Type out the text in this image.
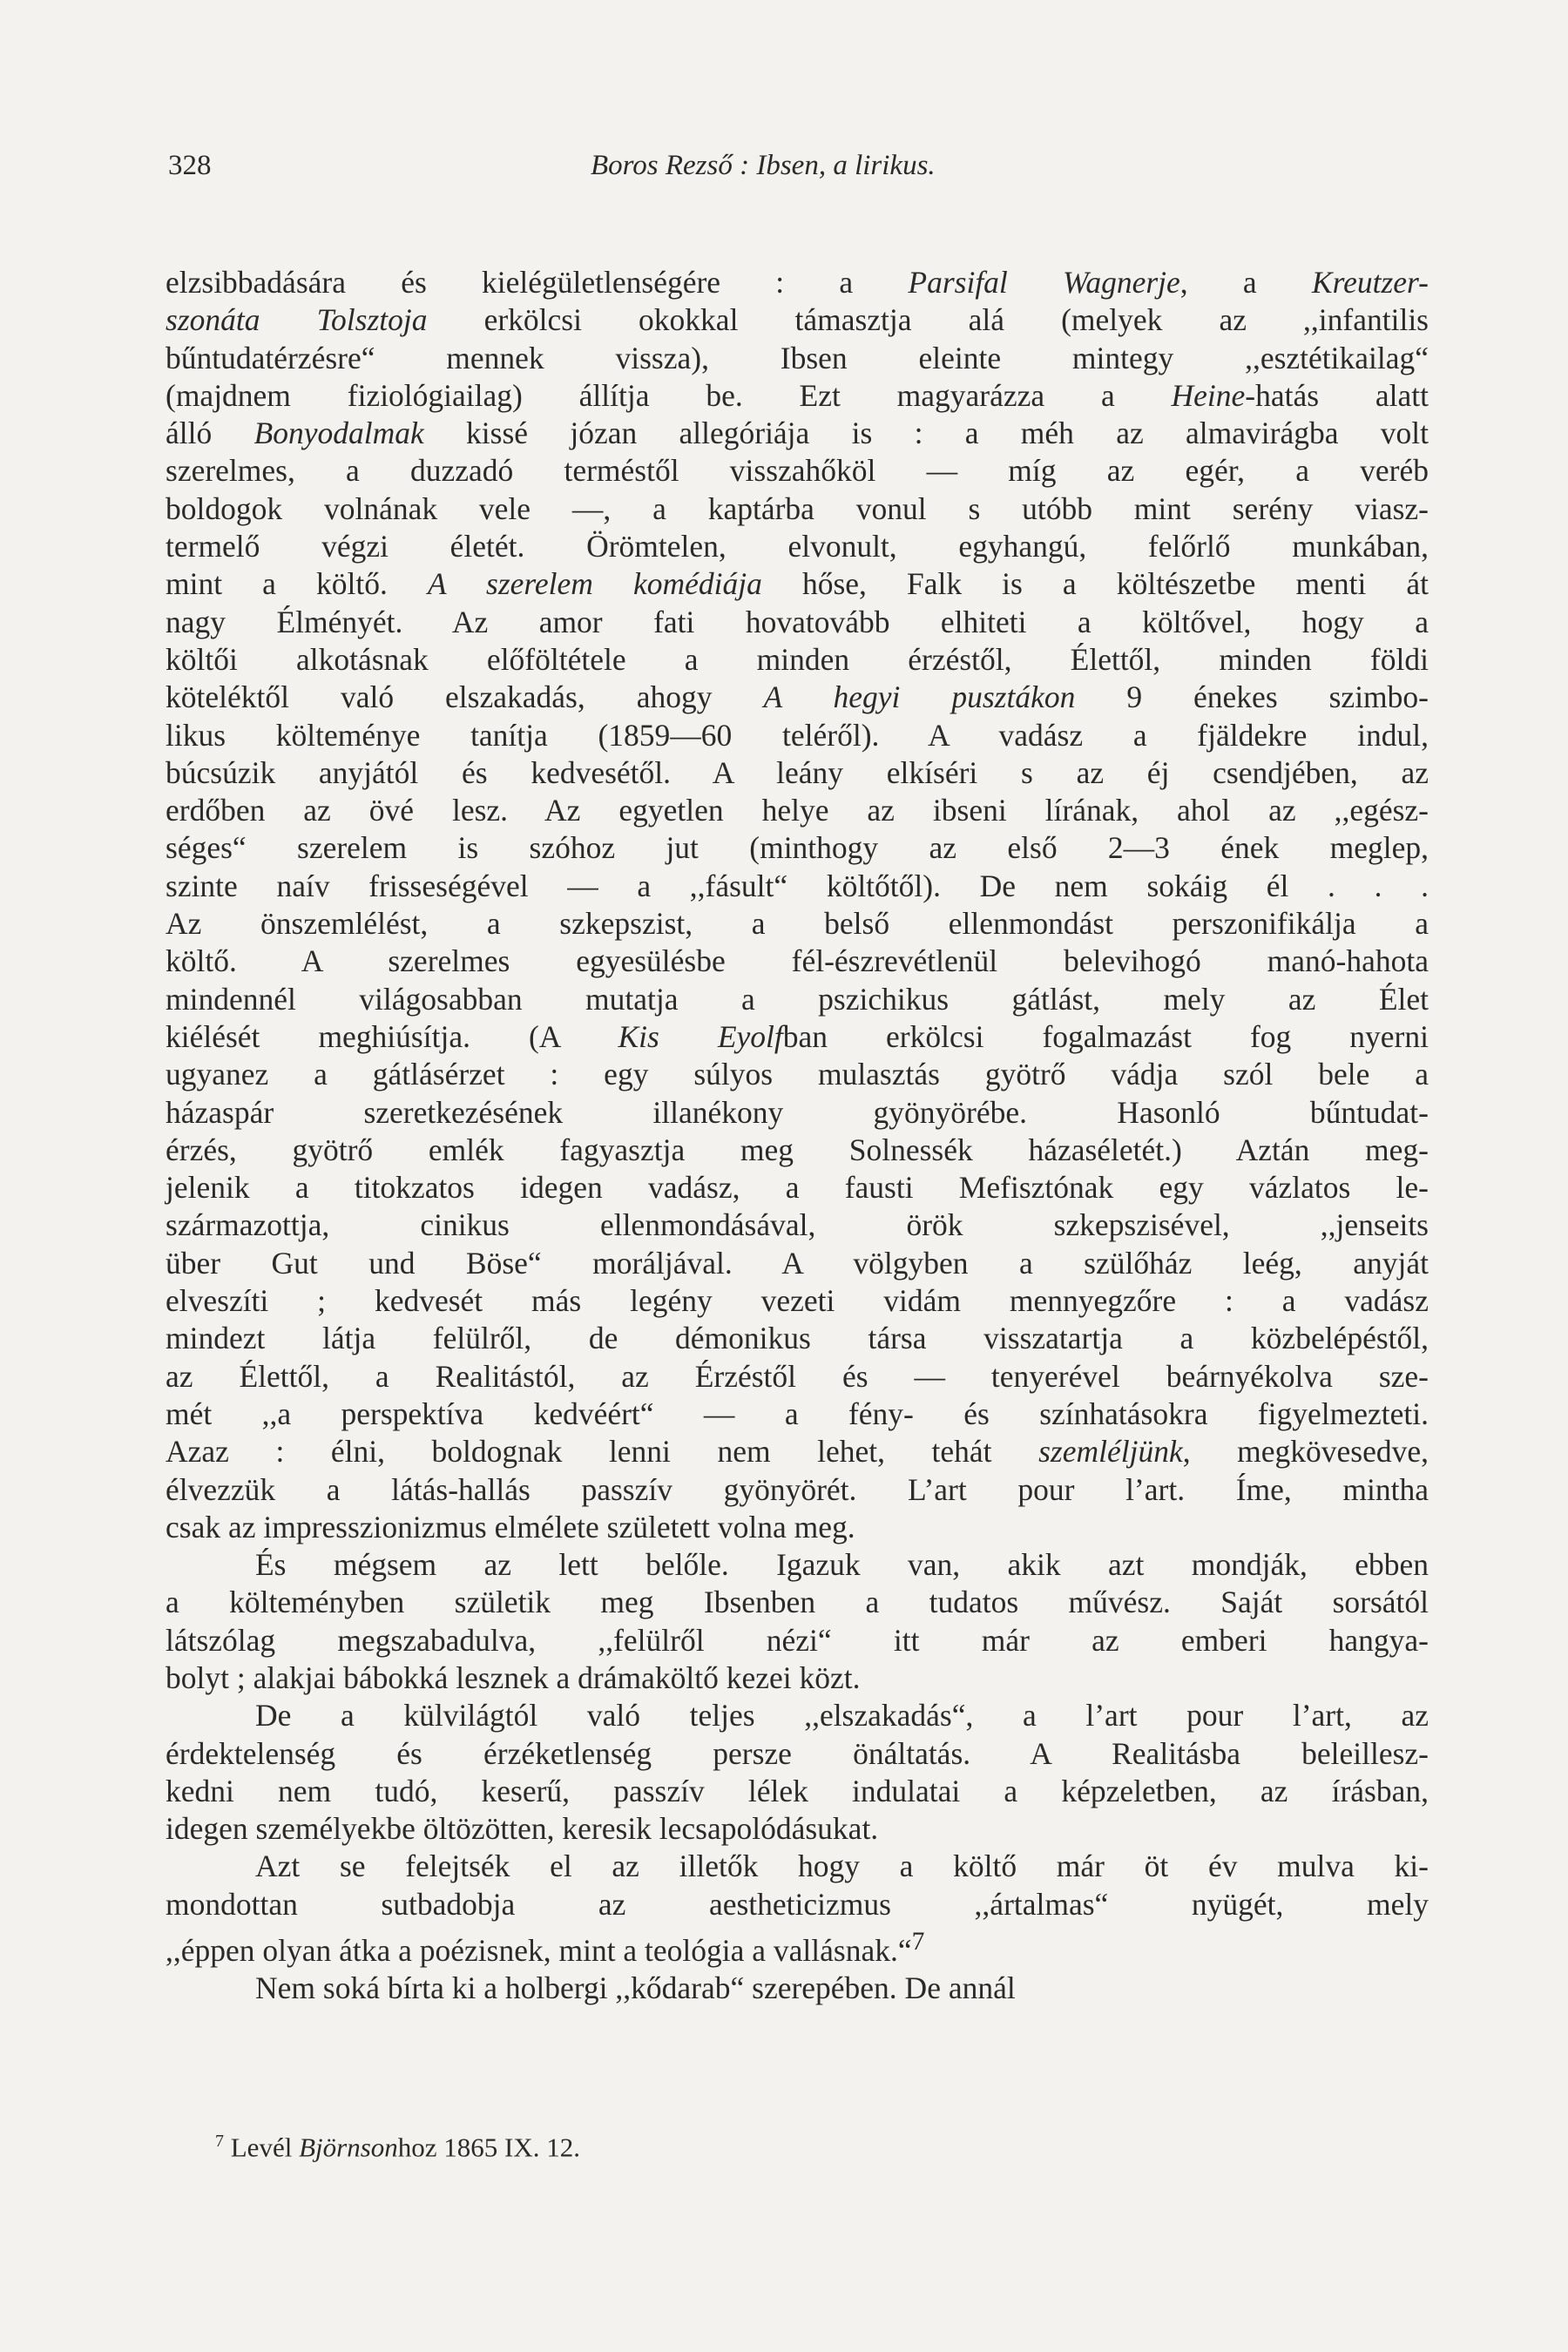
328	Boros Rezső : Ibsen, a lirikus.
elzsibbadására és kielégületlenségére : a Parsifal Wagnerje, a Kreutzer-
szonáta Tolsztoja erkölcsi okokkal támasztja alá (melyek az ,,infantilis
bűntudatérzésre“ mennek vissza), Ibsen eleinte mintegy ,,esztétikailag“
(majdnem fiziológiailag) állítja be. Ezt magyarázza a Heine-hatás alatt
álló Bonyodalmak kissé józan allegóriája is : a méh az almavirágba volt
szerelmes, a duzzadó terméstől visszahőköl — míg az egér, a veréb
boldogok volnának vele —, a kaptárba vonul s utóbb mint serény viasz-
termelő végzi életét. Örömtelen, elvonult, egyhangú, felőrlő munkában,
mint a költő. A szerelem komédiája hőse, Falk is a költészetbe menti át
nagy Élményét. Az amor fati hovatovább elhiteti a költővel, hogy a
költői alkotásnak előföltétele a minden érzéstől, Élettől, minden földi
köteléktől való elszakadás, ahogy A hegyi pusztákon 9 énekes szimbo-
likus költeménye tanítja (1859—60 teléről). A vadász a fjäldekre indul,
búcsúzik anyjától és kedvesétől. A leány elkíséri s az éj csendjében, az
erdőben az övé lesz. Az egyetlen helye az ibseni lírának, ahol az ,,egész-
séges“ szerelem is szóhoz jut (minthogy az első 2—3 ének meglep,
szinte naív frisseségével — a ,,fásult“ költőtől). De nem sokáig él . . .
Az önszemlélést, a szkepszist, a belső ellenmondást perszonifikálja a
költő. A szerelmes egyesülésbe fél-észrevétlenül belevihogó manó-hahota
mindennél világosabban mutatja a pszichikus gátlást, mely az Élet
kiélését meghiúsítja. (A Kis Eyolfban erkölcsi fogalmazást fog nyerni
ugyanez a gátlásérzet : egy súlyos mulasztás gyötrő vádja szól bele a
házaspár szeretkezésének illanékony gyönyörébe. Hasonló bűntudat-
érzés, gyötrő emlék fagyasztja meg Solnessék házaséletét.) Aztán meg-
jelenik a titokzatos idegen vadász, a fausti Mefisztónak egy vázlatos le-
származottja, cinikus ellenmondásával, örök szkepszisével, ,,jenseits
über Gut und Böse“ moráljával. A völgyben a szülőház leég, anyját
elveszíti ; kedvesét más legény vezeti vidám mennyegzőre : a vadász
mindezt látja felülről, de démonikus társa visszatartja a közbelépéstől,
az Élettől, a Realitástól, az Érzéstől és — tenyerével beárnyékolva sze-
mét ,,a perspektíva kedvéért“ — a fény- és színhatásokra figyelmezteti.
Azaz : élni, boldognak lenni nem lehet, tehát szemléljünk, megkövesedve,
élvezzük a látás-hallás passzív gyönyörét. L’art pour l’art. Íme, mintha
csak az impresszionizmus elmélete született volna meg.
És mégsem az lett belőle. Igazuk van, akik azt mondják, ebben
a költeményben születik meg Ibsenben a tudatos művész. Saját sorsától
látszólag megszabadulva, ,,felülről nézi“ itt már az emberi hangya-
bolyt ; alakjai bábokká lesznek a drámaköltő kezei közt.
De a külvilágtól való teljes ,,elszakadás“, a l’art pour l’art, az
érdektelenség és érzéketlenség persze önáltatás. A Realitásba beleillesz-
kedni nem tudó, keserű, passzív lélek indulatai a képzeletben, az írásban,
idegen személyekbe öltözötten, keresik lecsapolódásukat.
Azt se felejtsék el az illetők hogy a költő már öt év mulva ki-
mondottan sutbadobja az aestheticizmus ,,ártalmas“ nyügét, mely
,,éppen olyan átka a poézisnek, mint a teológia a vallásnak.“$^7$
Nem soká bírta ki a holbergi ,,kődarab“ szerepében. De annál
$^7$ Levél Björnsonhoz 1865 IX. 12.
